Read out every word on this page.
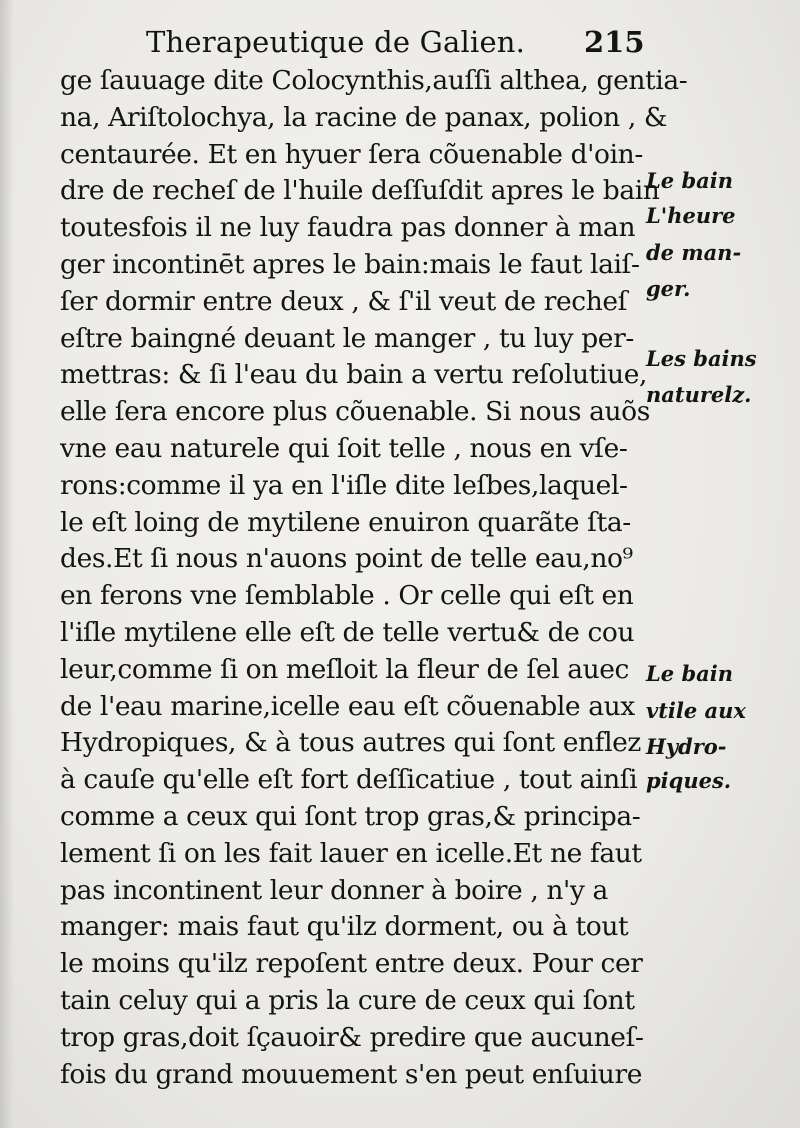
Therapeutique de Galien. 215
ge ſauuage dite Colocynthis,auſſi althea, gentia-
na, Ariſtolochya, la racine de panax, polion , &
centaurée. Et en hyuer ſera cõuenable d'oin-
dre de recheſ de l'huile deſſuſdit apres le bain
toutesfois il ne luy faudra pas donner à man
ger incontinēt apres le bain:mais le faut laiſ-
ſer dormir entre deux , & ſ'il veut de recheſ
eſtre baingné deuant le manger , tu luy per-
mettras: & ſi l'eau du bain a vertu reſolutiue,
elle ſera encore plus cõuenable. Si nous auõs
vne eau naturele qui ſoit telle , nous en vſe-
rons:comme il ya en l'iſle dite leſbes,laquel-
le eſt loing de mytilene enuiron quarãte ſta-
des.Et ſi nous n'auons point de telle eau,no⁹
en ferons vne ſemblable . Or celle qui eſt en
l'iſle mytilene elle eſt de telle vertu& de cou
leur,comme ſi on meſloit la fleur de ſel auec
de l'eau marine,icelle eau eſt cõuenable aux
Hydropiques, & à tous autres qui ſont enflez
à cauſe qu'elle eſt fort deſſicatiue , tout ainſi
comme a ceux qui ſont trop gras,& principa-
lement ſi on les fait lauer en icelle.Et ne faut
pas incontinent leur donner à boire , n'y a
manger: mais faut qu'ilz dorment, ou à tout
le moins qu'ilz repoſent entre deux. Pour cer
tain celuy qui a pris la cure de ceux qui ſont
trop gras,doit ſçauoir& predire que aucuneſ-
fois du grand mouuement s'en peut enſuiure
Le bain
L'heure
de man-
ger.
Les bains
naturelz.
Le bain
vtile aux
Hydro-
piques.
